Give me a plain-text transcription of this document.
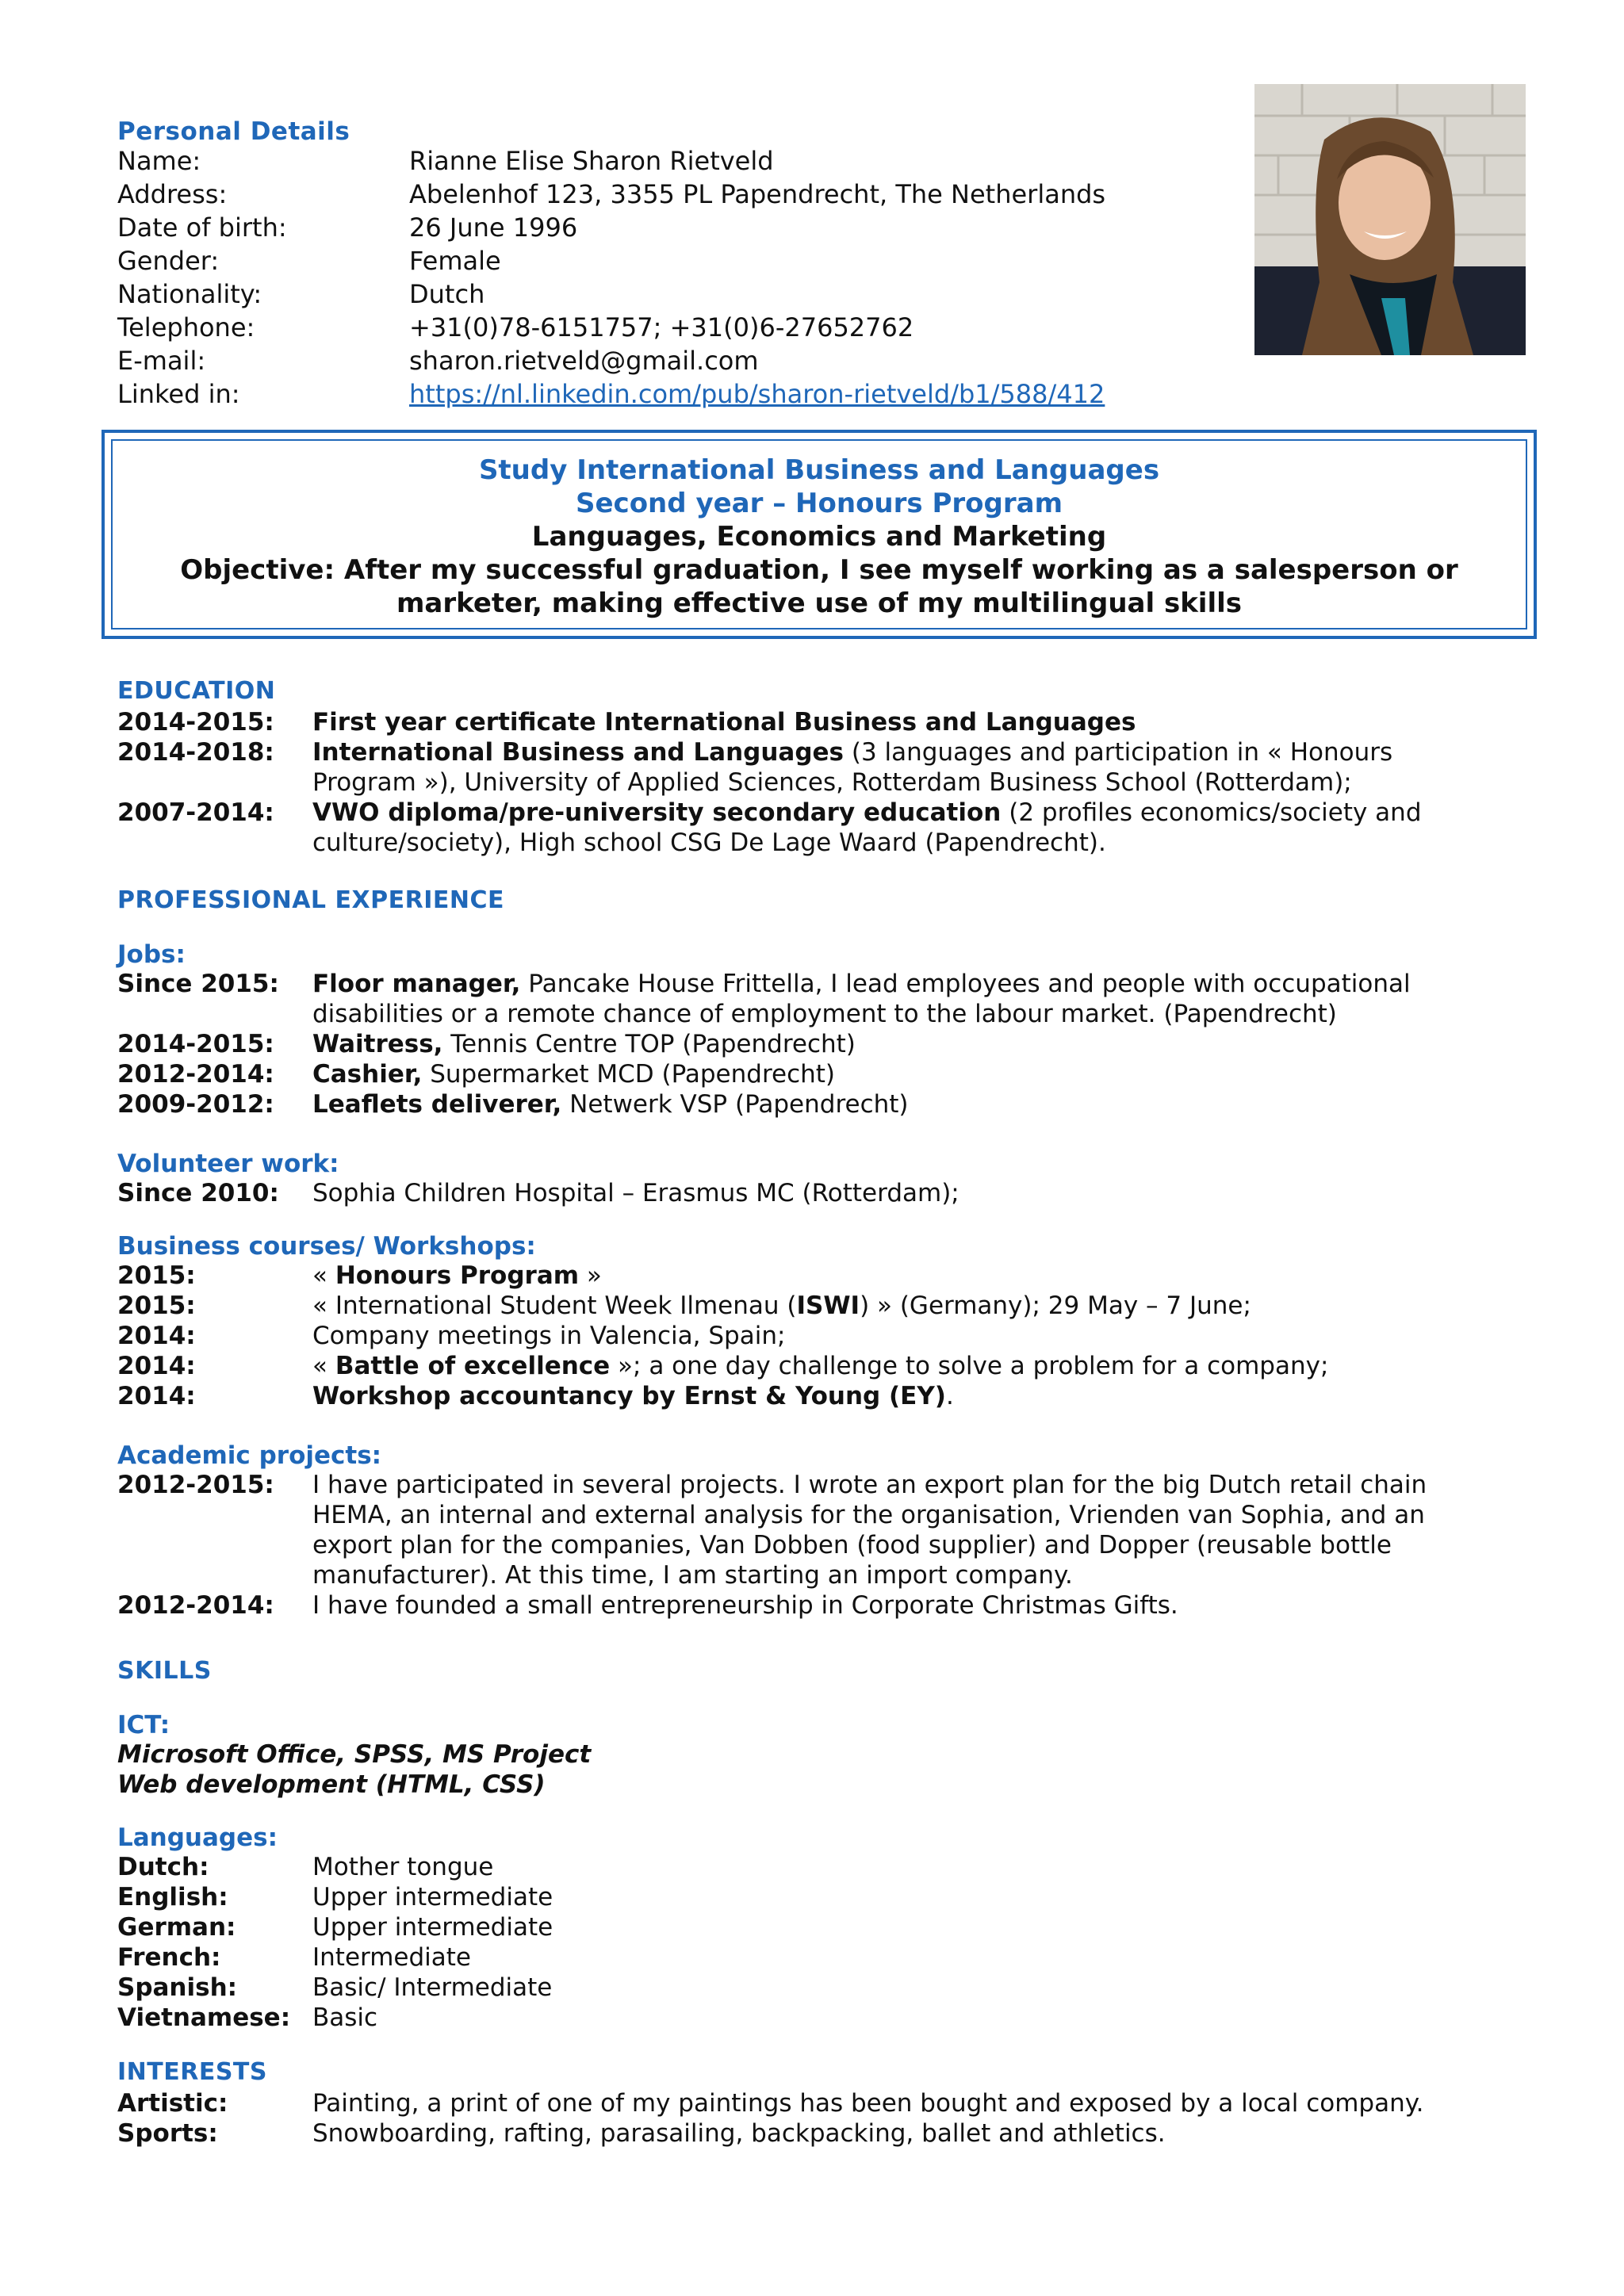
Personal Details
Name:	Rianne Elise Sharon Rietveld
Address:	Abelenhof 123, 3355 PL Papendrecht, The Netherlands
Date of birth:	26 June 1996
Gender:	Female
Nationality:	Dutch
Telephone:	+31(0)78-6151757; +31(0)6-27652762
E-mail:	sharon.rietveld@gmail.com
Linked in:	https://nl.linkedin.com/pub/sharon-rietveld/b1/588/412
Study International Business and Languages
Second year – Honours Program
Languages, Economics and Marketing
Objective: After my successful graduation, I see myself working as a salesperson or
marketer, making effective use of my multilingual skills
EDUCATION
2014-2015: First year certificate International Business and Languages
2014-2018: International Business and Languages (3 languages and participation in « Honours Program »), University of Applied Sciences, Rotterdam Business School (Rotterdam);
2007-2014: VWO diploma/pre-university secondary education (2 profiles economics/society and culture/society), High school CSG De Lage Waard (Papendrecht).
PROFESSIONAL EXPERIENCE
Jobs:
Since 2015: Floor manager, Pancake House Frittella, I lead employees and people with occupational disabilities or a remote chance of employment to the labour market. (Papendrecht)
2014-2015: Waitress, Tennis Centre TOP (Papendrecht)
2012-2014: Cashier, Supermarket MCD (Papendrecht)
2009-2012: Leaflets deliverer, Netwerk VSP (Papendrecht)
Volunteer work:
Since 2010: Sophia Children Hospital – Erasmus MC (Rotterdam);
Business courses/ Workshops:
2015:	« Honours Program »
2015:	« International Student Week Ilmenau (ISWI) » (Germany); 29 May – 7 June;
2014:	Company meetings in Valencia, Spain;
2014:	« Battle of excellence »; a one day challenge to solve a problem for a company;
2014:	Workshop accountancy by Ernst & Young (EY).
Academic projects:
2012-2015: I have participated in several projects. I wrote an export plan for the big Dutch retail chain HEMA, an internal and external analysis for the organisation, Vrienden van Sophia, and an export plan for the companies, Van Dobben (food supplier) and Dopper (reusable bottle manufacturer). At this time, I am starting an import company.
2012-2014: I have founded a small entrepreneurship in Corporate Christmas Gifts.
SKILLS
ICT:
Microsoft Office, SPSS, MS Project
Web development (HTML, CSS)
Languages:
Dutch:	Mother tongue
English:	Upper intermediate
German:	Upper intermediate
French:	Intermediate
Spanish:	Basic/ Intermediate
Vietnamese: Basic
INTERESTS
Artistic:	Painting, a print of one of my paintings has been bought and exposed by a local company.
Sports:	Snowboarding, rafting, parasailing, backpacking, ballet and athletics.
